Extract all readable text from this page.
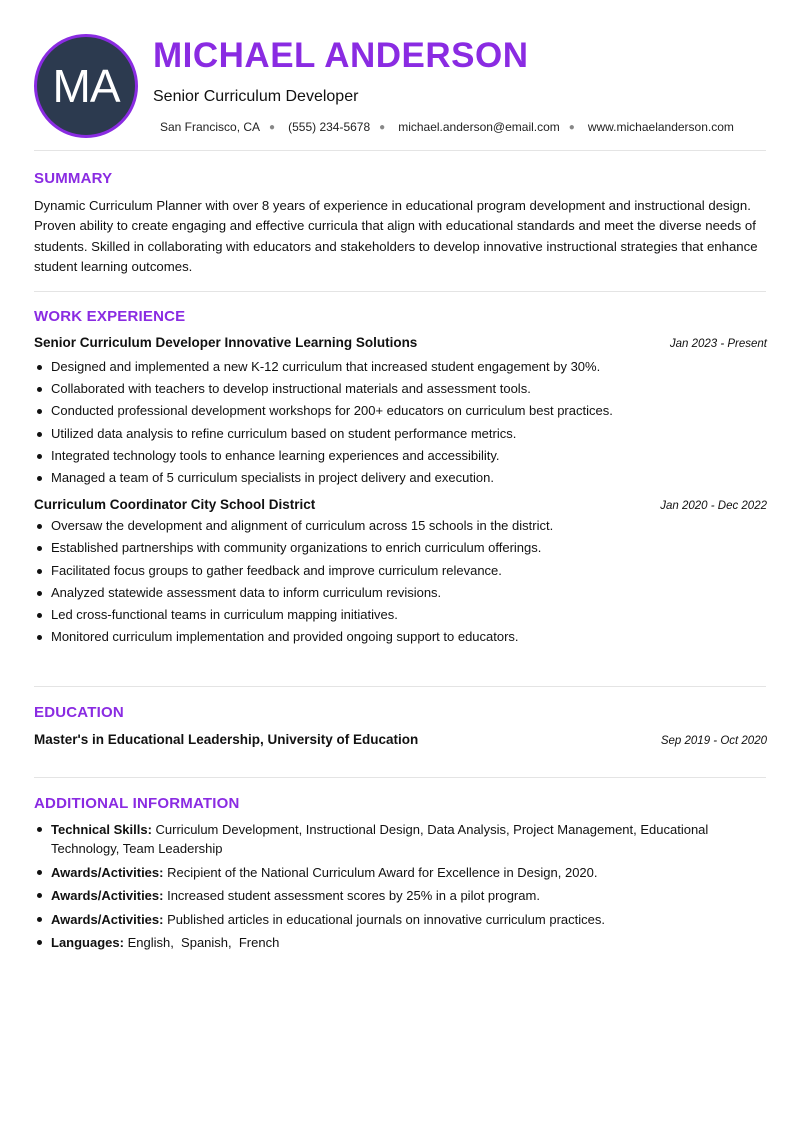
MA
MICHAEL ANDERSON
Senior Curriculum Developer
San Francisco, CA ● (555) 234-5678 ● michael.anderson@email.com ● www.michaelanderson.com
SUMMARY

Dynamic Curriculum Planner with over 8 years of experience in educational program development and instructional design. Proven ability to create engaging and effective curricula that align with educational standards and meet the diverse needs of students. Skilled in collaborating with educators and stakeholders to develop innovative instructional strategies that enhance student learning outcomes.

WORK EXPERIENCE
Senior Curriculum Developer Innovative Learning Solutions	Jan 2023 - Present
Designed and implemented a new K-12 curriculum that increased student engagement by 30%.
Collaborated with teachers to develop instructional materials and assessment tools.
Conducted professional development workshops for 200+ educators on curriculum best practices.
Utilized data analysis to refine curriculum based on student performance metrics.
Integrated technology tools to enhance learning experiences and accessibility.
Managed a team of 5 curriculum specialists in project delivery and execution.
Curriculum Coordinator City School District	Jan 2020 - Dec 2022
Oversaw the development and alignment of curriculum across 15 schools in the district.
Established partnerships with community organizations to enrich curriculum offerings.
Facilitated focus groups to gather feedback and improve curriculum relevance.
Analyzed statewide assessment data to inform curriculum revisions.
Led cross-functional teams in curriculum mapping initiatives.
Monitored curriculum implementation and provided ongoing support to educators.
EDUCATION
Master's in Educational Leadership, University of Education	Sep 2019 - Oct 2020
ADDITIONAL INFORMATION
Technical Skills: Curriculum Development, Instructional Design, Data Analysis, Project Management, Educational Technology, Team Leadership
Awards/Activities: Recipient of the National Curriculum Award for Excellence in Design, 2020.
Awards/Activities: Increased student assessment scores by 25% in a pilot program.
Awards/Activities: Published articles in educational journals on innovative curriculum practices.
Languages: English,  Spanish,  French
